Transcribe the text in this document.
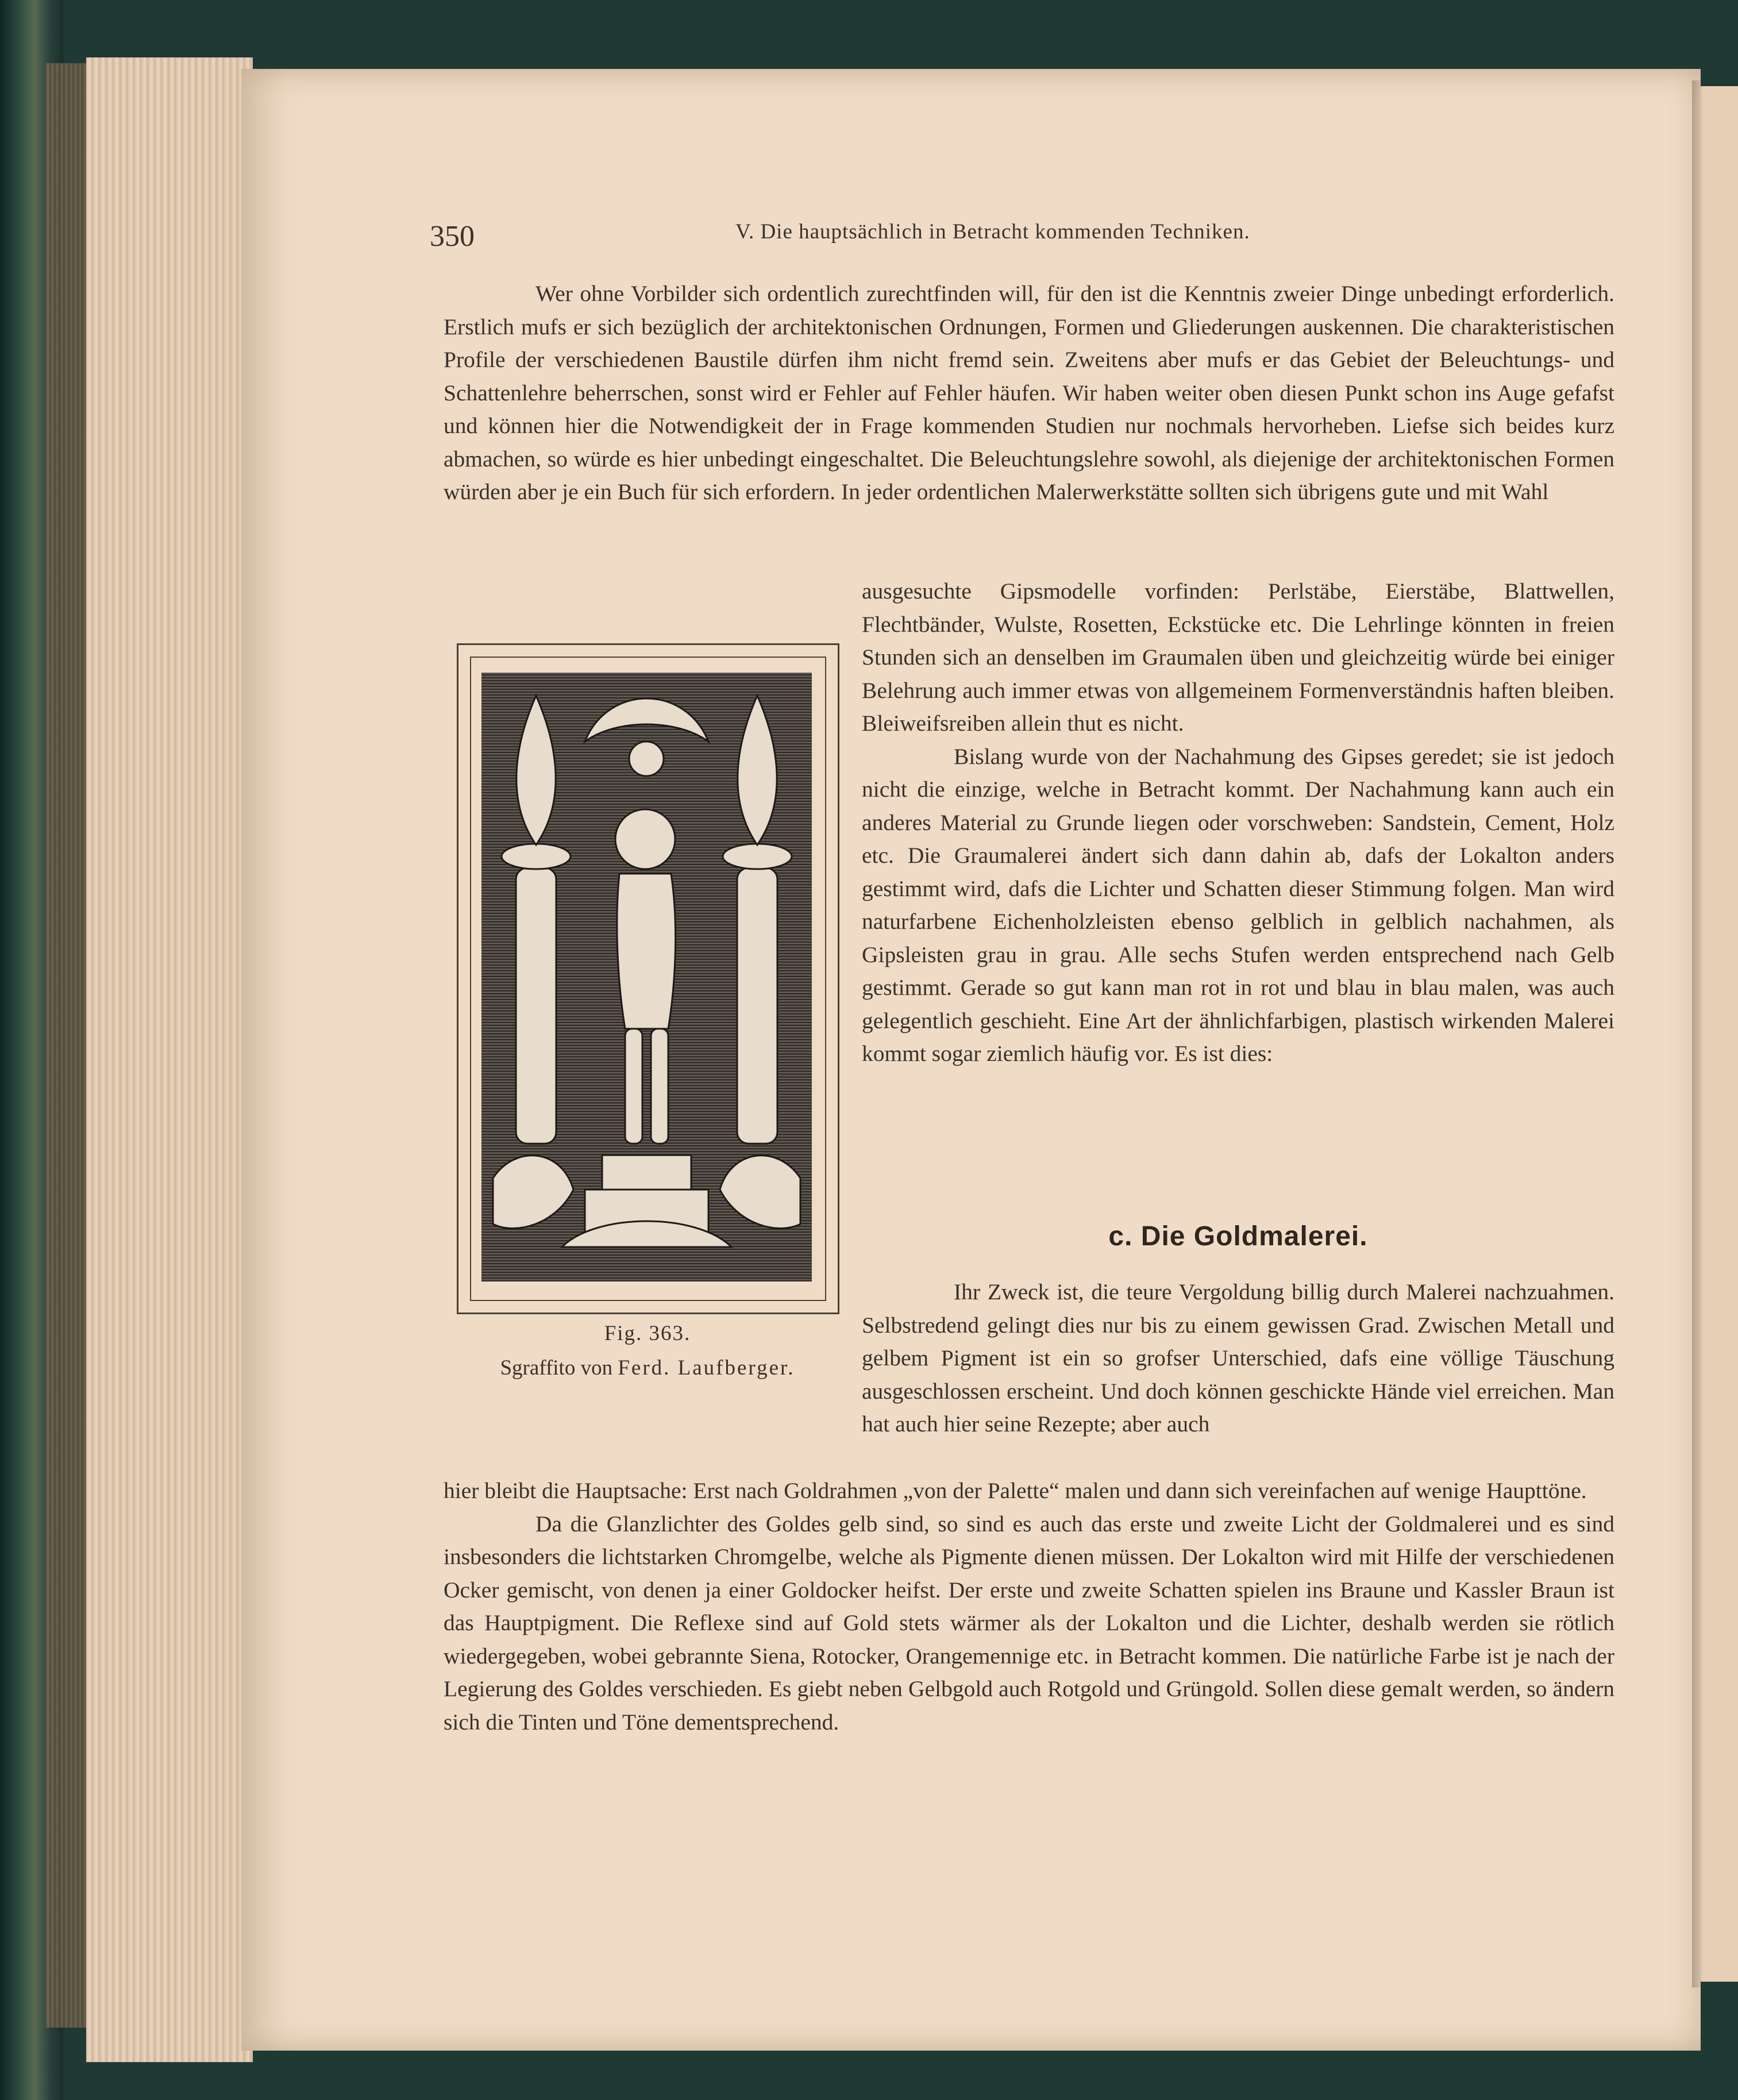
350	V. Die hauptsächlich in Betracht kommenden Techniken.

Wer ohne Vorbilder sich ordentlich zurechtfinden will, für den ist die Kenntnis zweier Dinge unbedingt erforderlich. Erstlich mufs er sich bezüglich der architektonischen Ordnungen, Formen und Gliederungen auskennen. Die charakteristischen Profile der verschiedenen Baustile dürfen ihm nicht fremd sein. Zweitens aber mufs er das Gebiet der Beleuchtungs- und Schattenlehre beherrschen, sonst wird er Fehler auf Fehler häufen. Wir haben weiter oben diesen Punkt schon ins Auge gefafst und können hier die Notwendigkeit der in Frage kommenden Studien nur nochmals hervorheben. Liefse sich beides kurz abmachen, so würde es hier unbedingt eingeschaltet. Die Beleuchtungslehre sowohl, als diejenige der architektonischen Formen würden aber je ein Buch für sich erfordern. In jeder ordentlichen Malerwerkstätte sollten sich übrigens gute und mit Wahl

ausgesuchte Gipsmodelle vorfinden: Perlstäbe, Eierstäbe, Blattwellen, Flechtbänder, Wulste, Rosetten, Eckstücke etc. Die Lehrlinge könnten in freien Stunden sich an denselben im Graumalen üben und gleichzeitig würde bei einiger Belehrung auch immer etwas von allgemeinem Formenverständnis haften bleiben. Bleiweifsreiben allein thut es nicht.

Bislang wurde von der Nachahmung des Gipses geredet; sie ist jedoch nicht die einzige, welche in Betracht kommt. Der Nachahmung kann auch ein anderes Material zu Grunde liegen oder vorschweben: Sandstein, Cement, Holz etc. Die Graumalerei ändert sich dann dahin ab, dafs der Lokalton anders gestimmt wird, dafs die Lichter und Schatten dieser Stimmung folgen. Man wird naturfarbene Eichenholzleisten ebenso gelblich in gelblich nachahmen, als Gipsleisten grau in grau. Alle sechs Stufen werden entsprechend nach Gelb gestimmt. Gerade so gut kann man rot in rot und blau in blau malen, was auch gelegentlich geschieht. Eine Art der ähnlichfarbigen, plastisch wirkenden Malerei kommt sogar ziemlich häufig vor. Es ist dies:

c. Die Goldmalerei.

Ihr Zweck ist, die teure Vergoldung billig durch Malerei nachzuahmen. Selbstredend gelingt dies nur bis zu einem gewissen Grad. Zwischen Metall und gelbem Pigment ist ein so grofser Unterschied, dafs eine völlige Täuschung ausgeschlossen erscheint. Und doch können geschickte Hände viel erreichen. Man hat auch hier seine Rezepte; aber auch

hier bleibt die Hauptsache: Erst nach Goldrahmen „von der Palette“ malen und dann sich vereinfachen auf wenige Haupttöne.

Da die Glanzlichter des Goldes gelb sind, so sind es auch das erste und zweite Licht der Goldmalerei und es sind insbesonders die lichtstarken Chromgelbe, welche als Pigmente dienen müssen. Der Lokalton wird mit Hilfe der verschiedenen Ocker gemischt, von denen ja einer Goldocker heifst. Der erste und zweite Schatten spielen ins Braune und Kassler Braun ist das Hauptpigment. Die Reflexe sind auf Gold stets wärmer als der Lokalton und die Lichter, deshalb werden sie rötlich wiedergegeben, wobei gebrannte Siena, Rotocker, Orangemennige etc. in Betracht kommen. Die natürliche Farbe ist je nach der Legierung des Goldes verschieden. Es giebt neben Gelbgold auch Rotgold und Grüngold. Sollen diese gemalt werden, so ändern sich die Tinten und Töne dementsprechend.

Fig. 363.
Sgraffito von Ferd. Laufberger.
